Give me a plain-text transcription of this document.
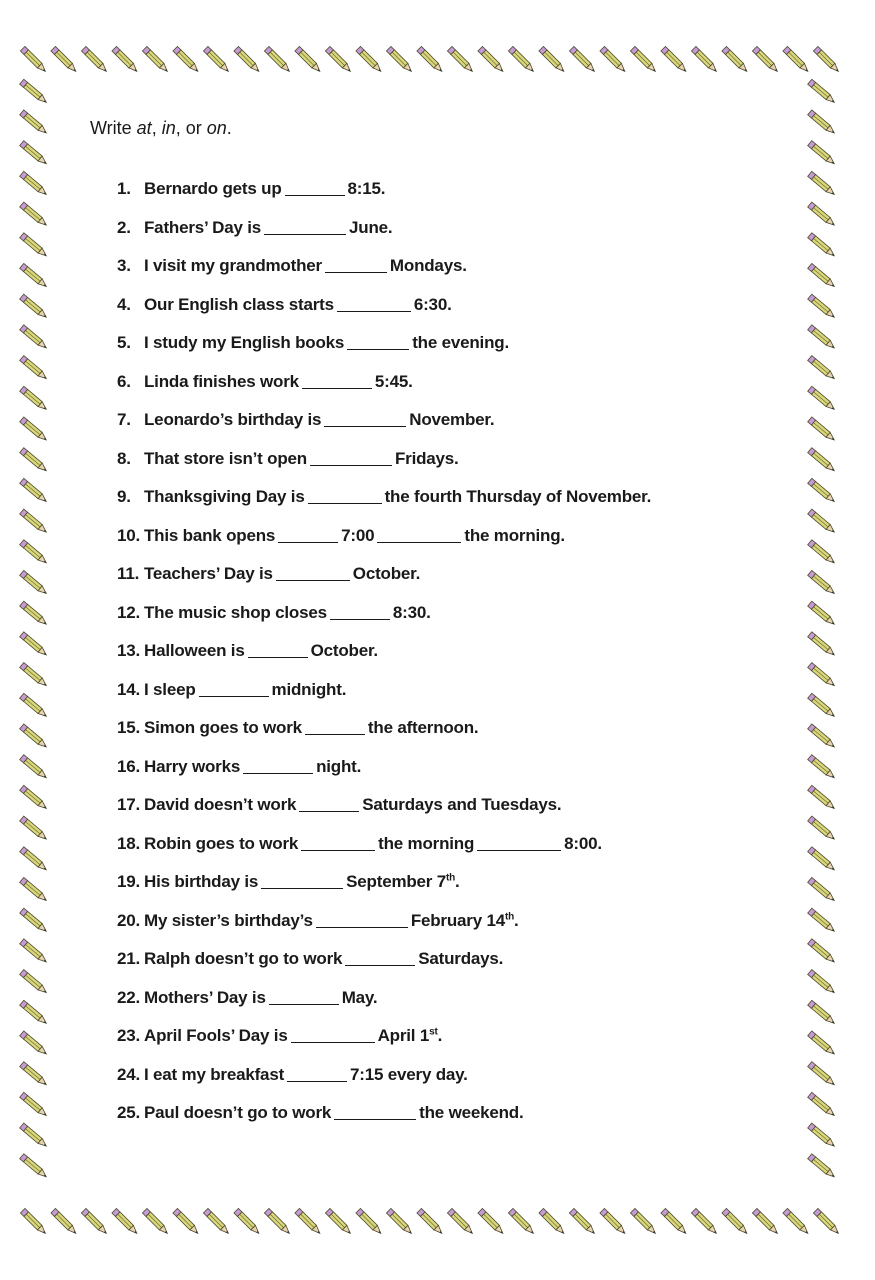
Write at, in, or on.
1. Bernardo gets up	8:15.
2. Fathers’ Day is	June.
3. I visit my grandmother	Mondays.
4. Our English class starts	6:30.
5. I study my English books	the evening.
6. Linda finishes work	5:45.
7. Leonardo’s birthday is	November.
8. That store isn’t open	Fridays.
9. Thanksgiving Day is	the fourth Thursday of November.
10. This bank opens	7:00	the morning.
11. Teachers’ Day is	October.
12. The music shop closes	8:30.
13. Halloween is	October.
14. I sleep	midnight.
15. Simon goes to work	the afternoon.
16. Harry works	night.
17. David doesn’t work	Saturdays and Tuesdays.
18. Robin goes to work	the morning	8:00.
19. His birthday is	September 7th.
20. My sister’s birthday’s	February 14th.
21. Ralph doesn’t go to work	Saturdays.
22. Mothers’ Day is	May.
23. April Fools’ Day is	April 1st.
24. I eat my breakfast	7:15 every day.
25. Paul doesn’t go to work	the weekend.
